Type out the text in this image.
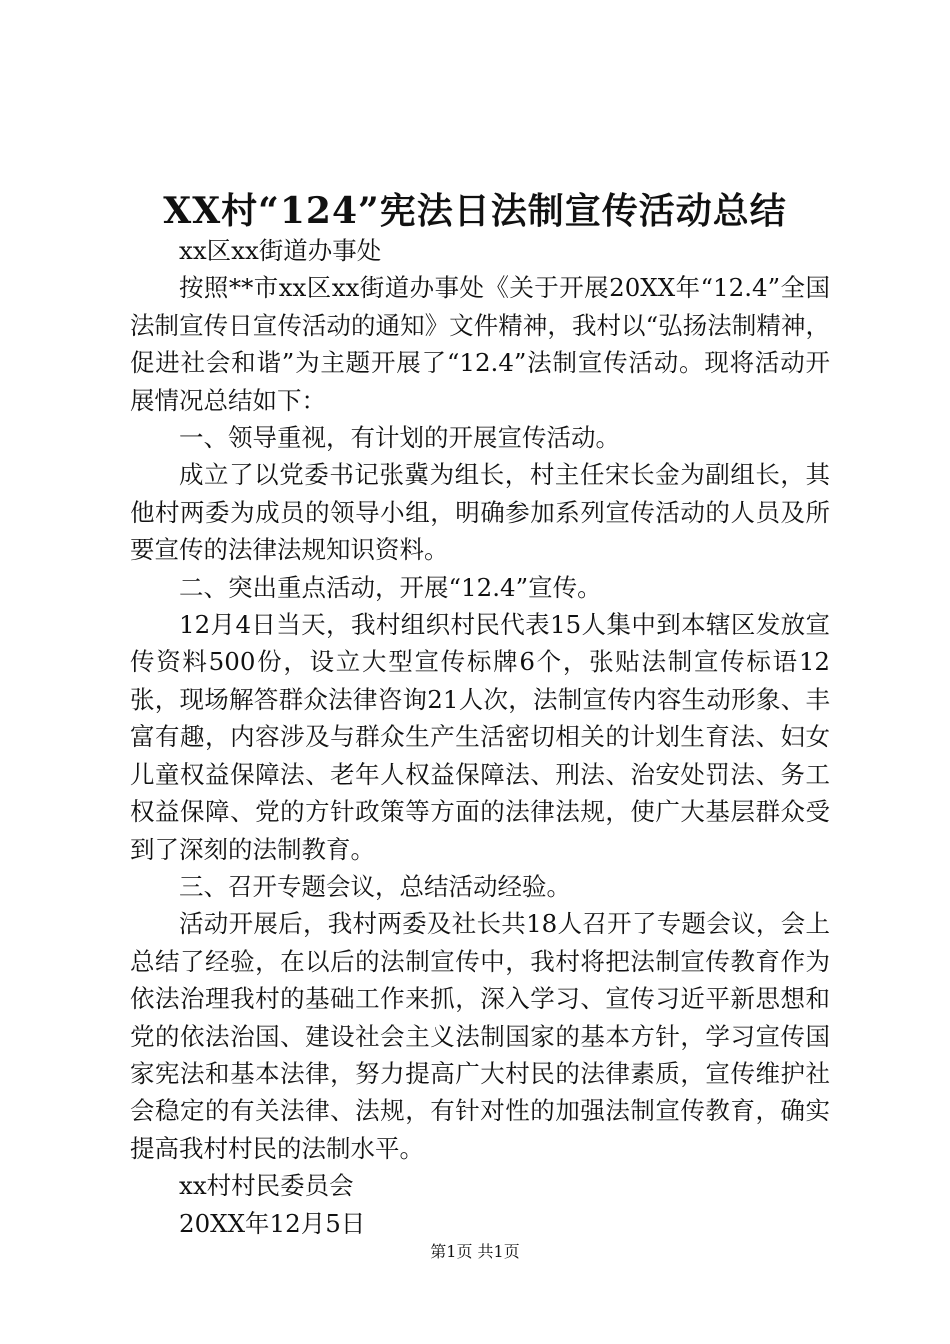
XX村“124”宪法日法制宣传活动总结

xx区xx街道办事处

按照**市xx区xx街道办事处《关于开展20XX年“12.4”全国法制宣传日宣传活动的通知》文件精神，我村以“弘扬法制精神，促进社会和谐”为主题开展了“12.4”法制宣传活动。现将活动开展情况总结如下：

一、领导重视，有计划的开展宣传活动。

成立了以党委书记张冀为组长，村主任宋长金为副组长，其他村两委为成员的领导小组，明确参加系列宣传活动的人员及所要宣传的法律法规知识资料。

二、突出重点活动，开展“12.4”宣传。

12月4日当天，我村组织村民代表15人集中到本辖区发放宣传资料500份，设立大型宣传标牌6个，张贴法制宣传标语12张，现场解答群众法律咨询21人次，法制宣传内容生动形象、丰富有趣，内容涉及与群众生产生活密切相关的计划生育法、妇女儿童权益保障法、老年人权益保障法、刑法、治安处罚法、务工权益保障、党的方针政策等方面的法律法规，使广大基层群众受到了深刻的法制教育。

三、召开专题会议，总结活动经验。

活动开展后，我村两委及社长共18人召开了专题会议，会上总结了经验，在以后的法制宣传中，我村将把法制宣传教育作为依法治理我村的基础工作来抓，深入学习、宣传习近平新思想和党的依法治国、建设社会主义法制国家的基本方针，学习宣传国家宪法和基本法律，努力提高广大村民的法律素质，宣传维护社会稳定的有关法律、法规，有针对性的加强法制宣传教育，确实提高我村村民的法制水平。

xx村村民委员会

20XX年12月5日

第1页 共1页
